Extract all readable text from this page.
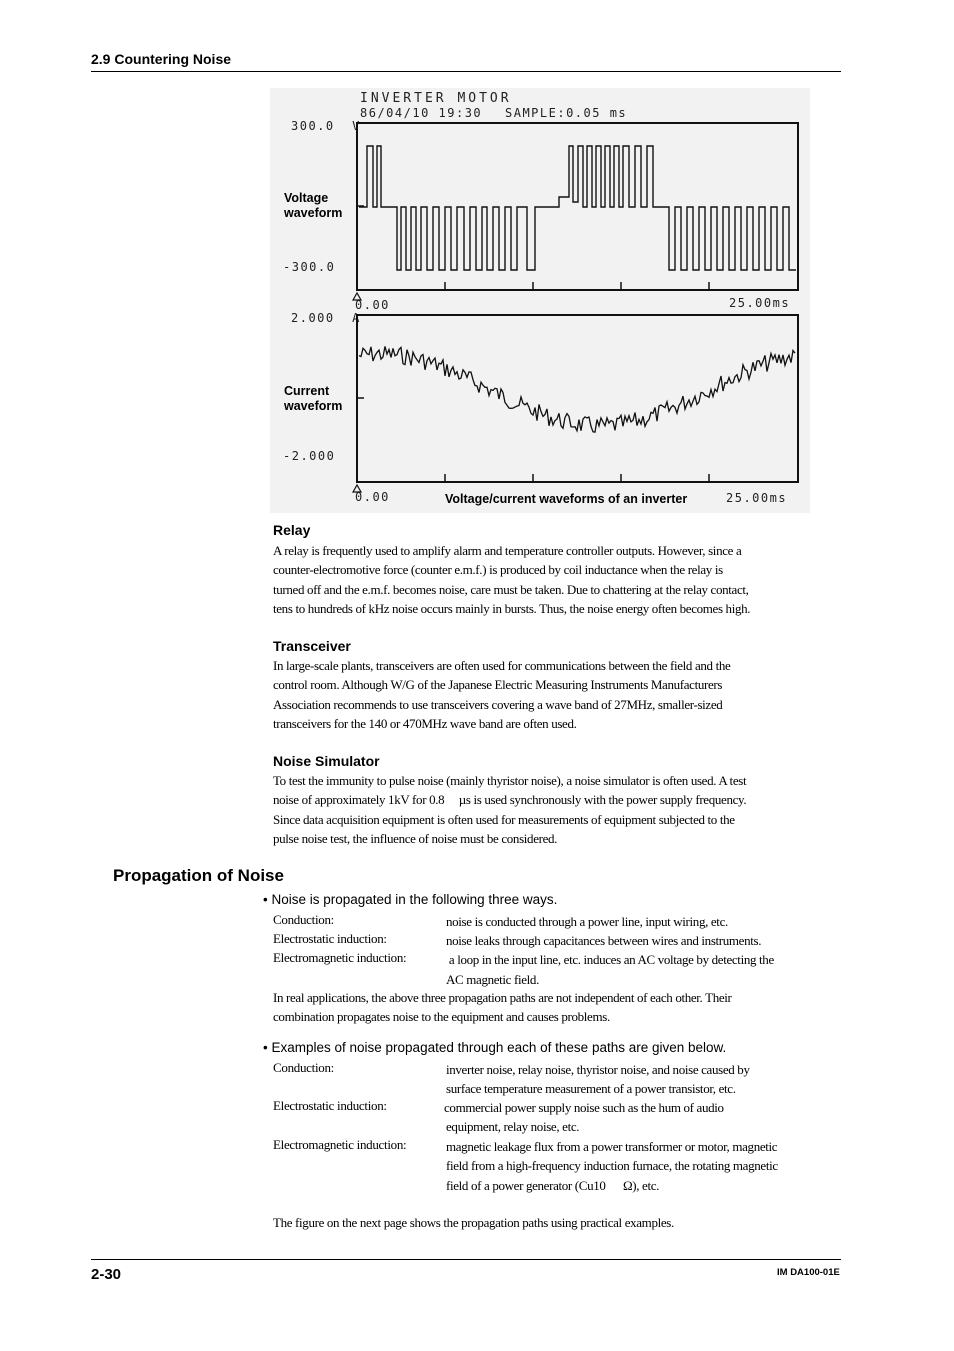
2.9 Countering Noise
INVERTER MOTOR
86/04/10 19:30 SAMPLE:0.05 ms
300.0  V
-300.0
Voltage
waveform
2.000  A
-2.000
Current
waveform
0.00	25.00ms
0.00	25.00ms
Voltage/current waveforms of an inverter
Relay
A relay is frequently used to amplify alarm and temperature controller outputs. However, since a
counter-electromotive force (counter e.m.f.) is produced by coil inductance when the relay is
turned off and the e.m.f. becomes noise, care must be taken. Due to chattering at the relay contact,
tens to hundreds of kHz noise occurs mainly in bursts. Thus, the noise energy often becomes high.
Transceiver
In large-scale plants, transceivers are often used for communications between the field and the
control room. Although W/G of the Japanese Electric Measuring Instruments Manufacturers
Association recommends to use transceivers covering a wave band of 27MHz, smaller-sized
transceivers for the 140 or 470MHz wave band are often used.
Noise Simulator
To test the immunity to pulse noise (mainly thyristor noise), a noise simulator is often used. A test
noise of approximately 1kV for 0.8     µs is used synchronously with the power supply frequency.
Since data acquisition equipment is often used for measurements of equipment subjected to the
pulse noise test, the influence of noise must be considered.
Propagation of Noise
• Noise is propagated in the following three ways.
Conduction:	noise is conducted through a power line, input wiring, etc.
Electrostatic induction:	noise leaks through capacitances between wires and instruments.
Electromagnetic induction:	a loop in the input line, etc. induces an AC voltage by detecting the
AC magnetic field.
In real applications, the above three propagation paths are not independent of each other. Their
combination propagates noise to the equipment and causes problems.
• Examples of noise propagated through each of these paths are given below.
Conduction:	inverter noise, relay noise, thyristor noise, and noise caused by
surface temperature measurement of a power transistor, etc.
Electrostatic induction:	commercial power supply noise such as the hum of audio
equipment, relay noise, etc.
Electromagnetic induction:	magnetic leakage flux from a power transformer or motor, magnetic
field from a high-frequency induction furnace, the rotating magnetic
field of a power generator (Cu10      Ω), etc.
The figure on the next page shows the propagation paths using practical examples.
2-30	IM DA100-01E
